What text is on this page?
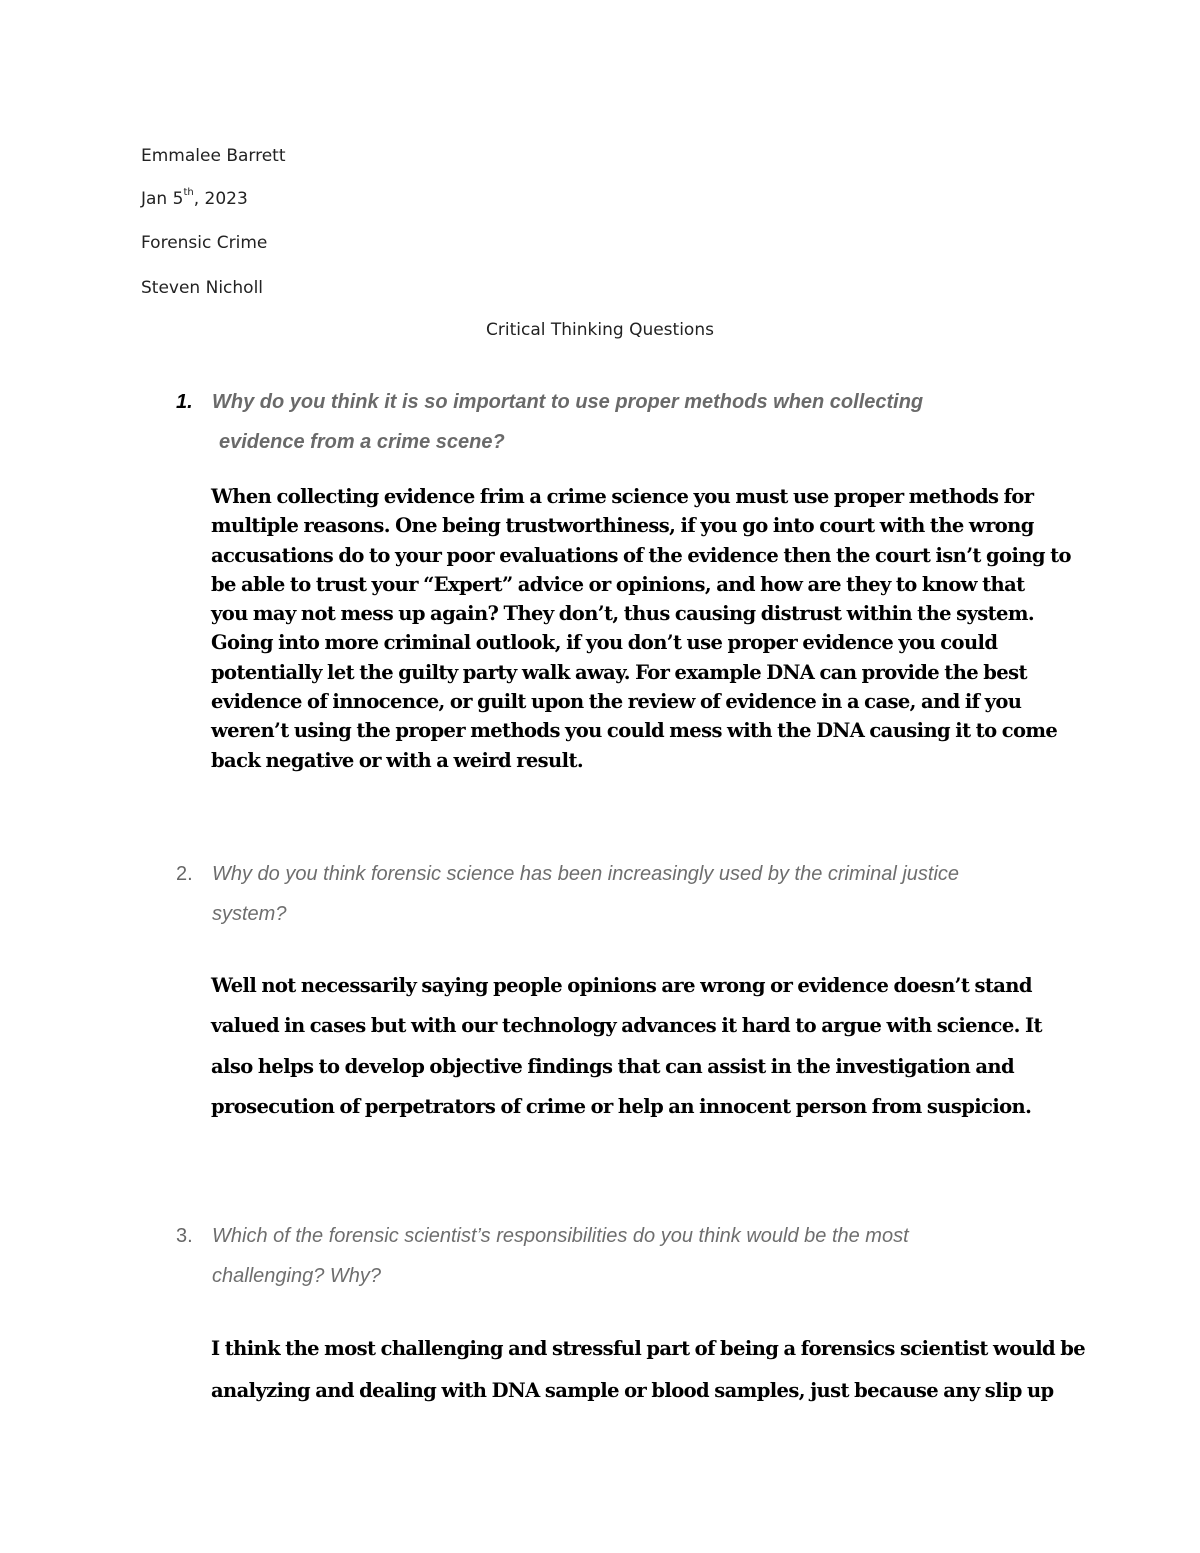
Emmalee Barrett
Jan 5th, 2023
Forensic Crime
Steven Nicholl
Critical Thinking Questions
1. Why do you think it is so important to use proper methods when collecting
evidence from a crime scene?
When collecting evidence frim a crime science you must use proper methods for
multiple reasons. One being trustworthiness, if you go into court with the wrong
accusations do to your poor evaluations of the evidence then the court isn’t going to
be able to trust your “Expert” advice or opinions, and how are they to know that
you may not mess up again? They don’t, thus causing distrust within the system.
Going into more criminal outlook, if you don’t use proper evidence you could
potentially let the guilty party walk away. For example DNA can provide the best
evidence of innocence, or guilt upon the review of evidence in a case, and if you
weren’t using the proper methods you could mess with the DNA causing it to come
back negative or with a weird result.
2. Why do you think forensic science has been increasingly used by the criminal justice
system?
Well not necessarily saying people opinions are wrong or evidence doesn’t stand
valued in cases but with our technology advances it hard to argue with science. It
also helps to develop objective findings that can assist in the investigation and
prosecution of perpetrators of crime or help an innocent person from suspicion.
3. Which of the forensic scientist’s responsibilities do you think would be the most
challenging? Why?
I think the most challenging and stressful part of being a forensics scientist would be
analyzing and dealing with DNA sample or blood samples, just because any slip up
